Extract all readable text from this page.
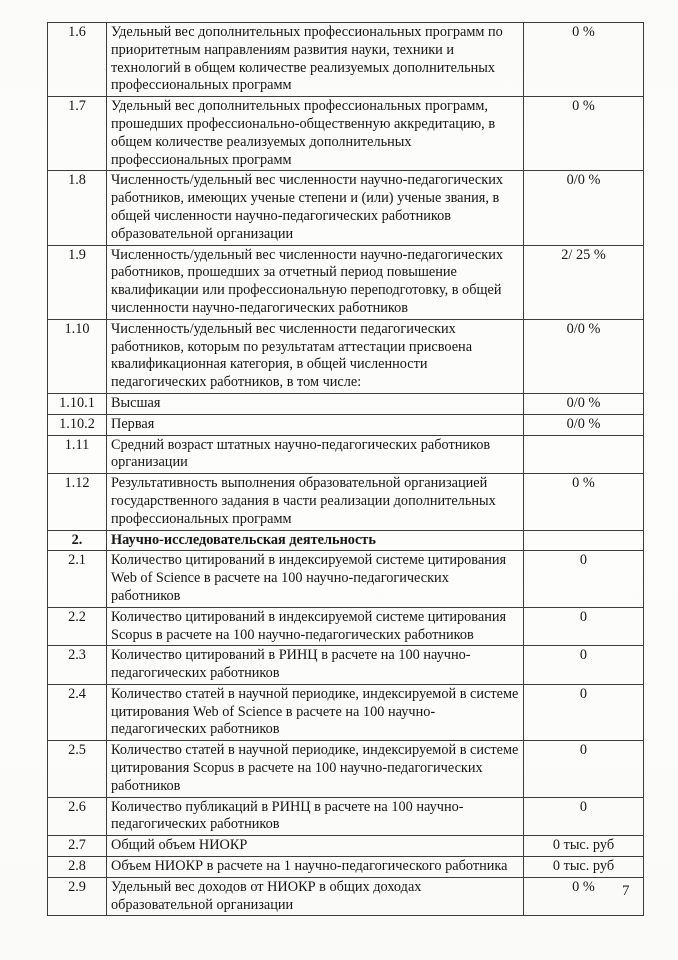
1.6	Удельный вес дополнительных профессиональных программ по приоритетным направлениям развития науки, техники и технологий в общем количестве реализуемых дополнительных профессиональных программ	0 %
1.7	Удельный вес дополнительных профессиональных программ, прошедших профессионально-общественную аккредитацию, в общем количестве реализуемых дополнительных профессиональных программ	0 %
1.8	Численность/удельный вес численности научно-педагогических работников, имеющих ученые степени и (или) ученые звания, в общей численности научно-педагогических работников образовательной организации	0/0 %
1.9	Численность/удельный вес численности научно-педагогических работников, прошедших за отчетный период повышение квалификации или профессиональную переподготовку, в общей численности научно-педагогических работников	2/ 25 %
1.10	Численность/удельный вес численности педагогических работников, которым по результатам аттестации присвоена квалификационная категория, в общей численности педагогических работников, в том числе:	0/0 %
1.10.1	Высшая	0/0 %
1.10.2	Первая	0/0 %
1.11	Средний возраст штатных научно-педагогических работников организации	
1.12	Результативность выполнения образовательной организацией государственного задания в части реализации дополнительных профессиональных программ	0 %
2.	Научно-исследовательская деятельность	
2.1	Количество цитирований в индексируемой системе цитирования Web of Science в расчете на 100 научно-педагогических работников	0
2.2	Количество цитирований в индексируемой системе цитирования Scopus в расчете на 100 научно-педагогических работников	0
2.3	Количество цитирований в РИНЦ в расчете на 100 научно-педагогических работников	0
2.4	Количество статей в научной периодике, индексируемой в системе цитирования Web of Science в расчете на 100 научно-педагогических работников	0
2.5	Количество статей в научной периодике, индексируемой в системе цитирования Scopus в расчете на 100 научно-педагогических работников	0
2.6	Количество публикаций в РИНЦ в расчете на 100 научно-педагогических работников	0
2.7	Общий объем НИОКР	0 тыс. руб
2.8	Объем НИОКР в расчете на 1 научно-педагогического работника	0 тыс. руб
2.9	Удельный вес доходов от НИОКР в общих доходах образовательной организации	0 % 7
